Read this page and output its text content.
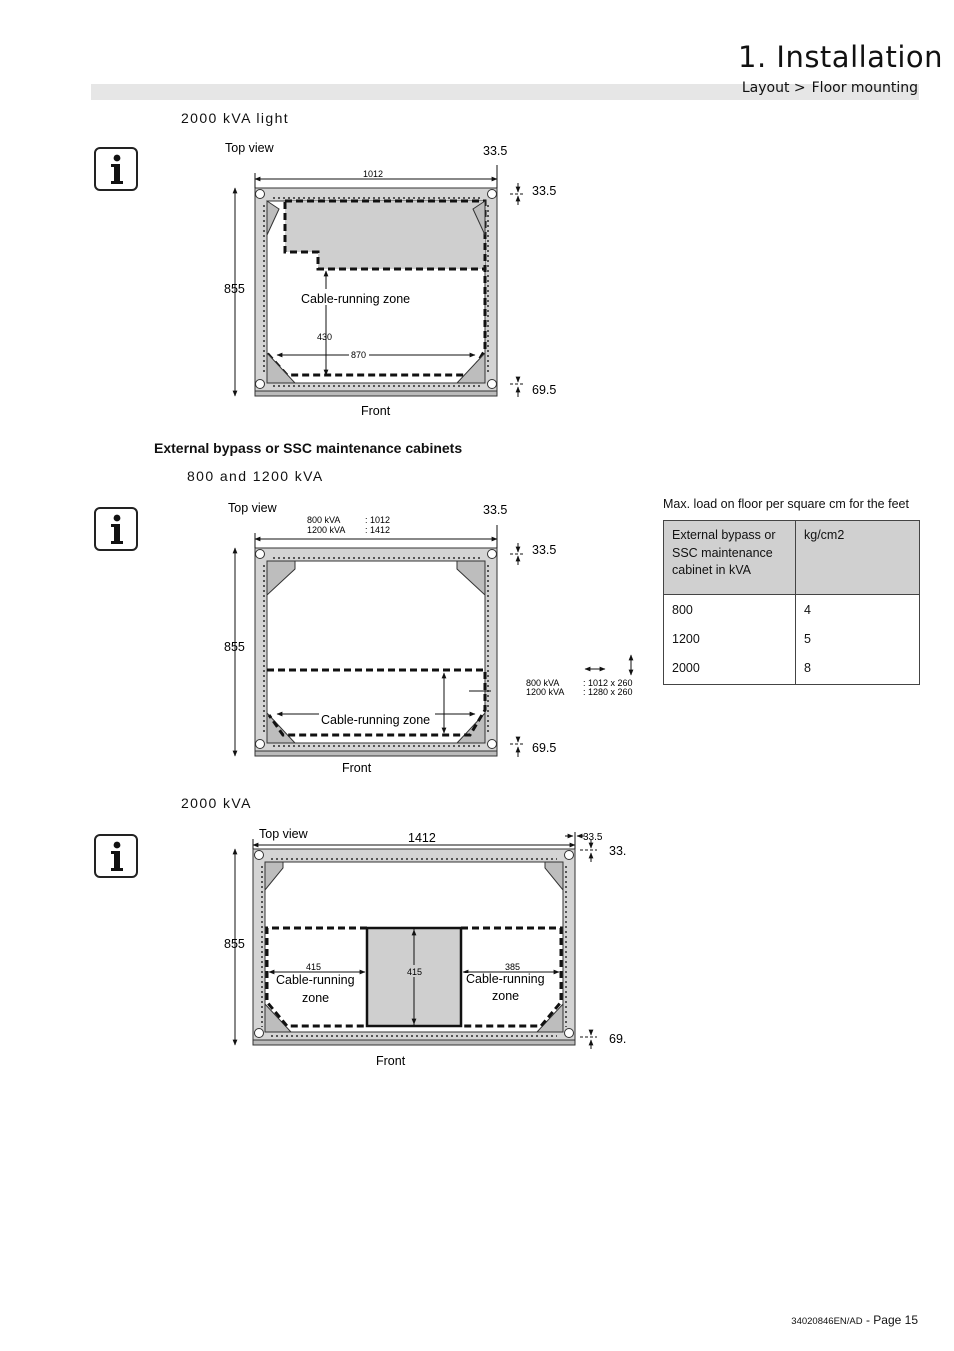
1. Installation
Layout > Floor mounting
2000 kVA light
Top view
1012
33.5
33.5
855
Cable-running zone
430
870
69.5
Front
External bypass or SSC maintenance cabinets
800 and 1200 kVA
Top view
800 kVA	: 1012
1200 kVA : 1412
33.5
33.5
855
Cable-running zone
800 kVA	: 1012 x 260
1200 kVA : 1280 x 260
69.5
Front
Max. load on floor per square cm for the feet
External bypass or
SSC maintenance
cabinet in kVA	kg/cm2
800	4
1200	5
2000	8
2000 kVA
Top view	1412	33.5
33.
855
415	415	385
Cable-running
zone
Cable-running
zone
69.
Front
34020846EN/AD - Page 15
